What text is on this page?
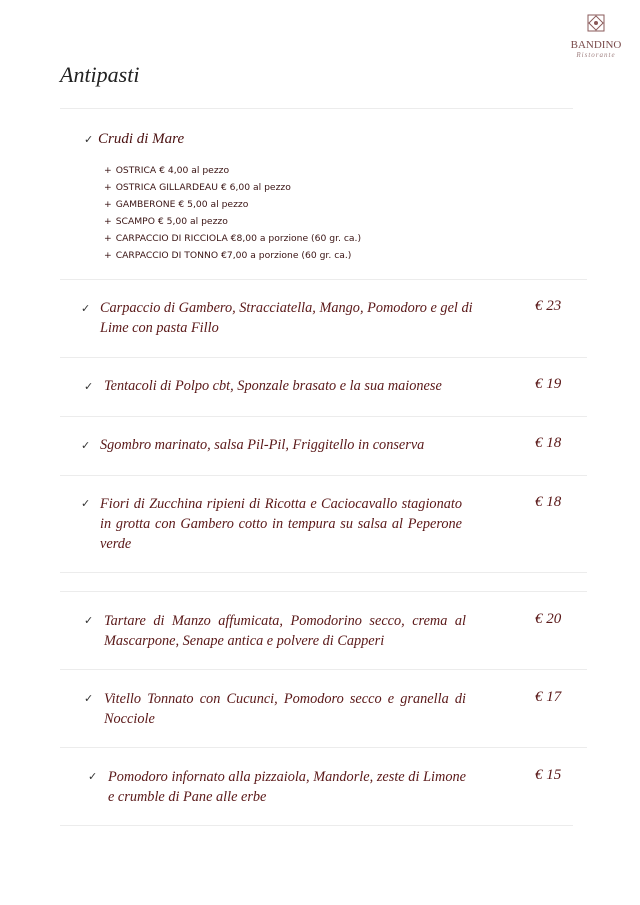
BANDINO
Ristorante
Antipasti
✓ Crudi di Mare
+ OSTRICA € 4,00 al pezzo
+ OSTRICA GILLARDEAU € 6,00 al pezzo
+ GAMBERONE € 5,00 al pezzo
+ SCAMPO € 5,00 al pezzo
+ CARPACCIO DI RICCIOLA €8,00 a porzione (60 gr. ca.)
+ CARPACCIO DI TONNO €7,00 a porzione (60 gr. ca.)
✓ Carpaccio di Gambero, Stracciatella, Mango, Pomodoro e gel di Lime con pasta Fillo
€ 23
✓ Tentacoli di Polpo cbt, Sponzale brasato e la sua maionese	€ 19
✓ Sgombro marinato, salsa Pil-Pil, Friggitello in conserva	€ 18
✓ Fiori di Zucchina ripieni di Ricotta e Caciocavallo stagionato in grotta con Gambero cotto in tempura su salsa al Peperone verde
€ 18
✓ Tartare di Manzo affumicata, Pomodorino secco, crema al Mascarpone, Senape antica e polvere di Capperi
€ 20
✓ Vitello Tonnato con Cucunci, Pomodoro secco e granella di Nocciole
€ 17
✓ Pomodoro infornato alla pizzaiola, Mandorle, zeste di Limone e crumble di Pane alle erbe
€ 15
